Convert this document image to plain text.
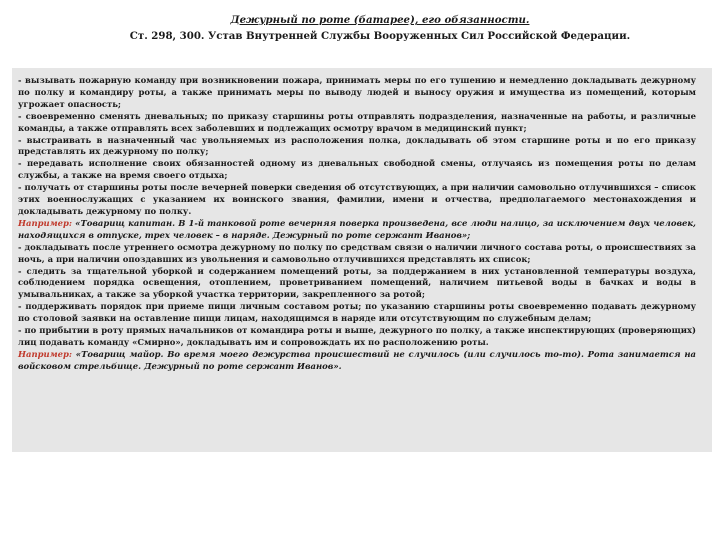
Дежурный по роте (батарее), его обязанности.
Ст. 298, 300. Устав Внутренней Службы Вооруженных Сил Российской Федерации.

- вызывать пожарную команду при возникновении пожара, принимать меры по его тушению и немедленно докладывать дежурному по полку и командиру роты, а также принимать меры по выводу людей и выносу оружия и имущества из помещений, которым угрожает опасность;

- своевременно сменять дневальных; по приказу старшины роты отправлять подразделения, назначенные на работы, и различные команды, а также отправлять всех заболевших и подлежащих осмотру врачом в медицинский пункт;

- выстраивать в назначенный час увольняемых из расположения полка, докладывать об этом старшине роты и по его приказу представлять их дежурному по полку;

- передавать исполнение своих обязанностей одному из дневальных свободной смены, отлучаясь из помещения роты по делам службы, а также на время своего отдыха;

- получать от старшины роты после вечерней поверки сведения об отсутствующих, а при наличии самовольно отлучившихся – список этих военнослужащих с указанием их воинского звания, фамилии, имени и отчества, предполагаемого местонахождения и докладывать дежурному по полку.

Например: «Товарищ капитан. В 1-й танковой роте вечерняя поверка произведена, все люди налицо, за исключением двух человек, находящихся в отпуске, трех человек – в наряде. Дежурный по роте сержант Иванов»;

- докладывать после утреннего осмотра дежурному по полку по средствам связи о наличии личного состава роты, о происшествиях за ночь, а при наличии опоздавших из увольнения и самовольно отлучившихся представлять их список;

- следить за тщательной уборкой и содержанием помещений роты, за поддержанием в них установленной температуры воздуха, соблюдением порядка освещения, отоплением, проветриванием помещений, наличием питьевой воды в бачках и воды в умывальниках, а также за уборкой участка территории, закрепленного за ротой;

- поддерживать порядок при приеме пищи личным составом роты; по указанию старшины роты своевременно подавать дежурному по столовой заявки на оставление пищи лицам, находящимся в наряде или отсутствующим по служебным делам;

- по прибытии в роту прямых начальников от командира роты и выше, дежурного по полку, а также инспектирующих (проверяющих) лиц подавать команду «Смирно», докладывать им и сопровождать их по расположению роты.

Например: «Товарищ майор. Во время моего дежурства происшествий не случилось (или случилось то-то). Рота занимается на войсковом стрельбище. Дежурный по роте сержант Иванов».
